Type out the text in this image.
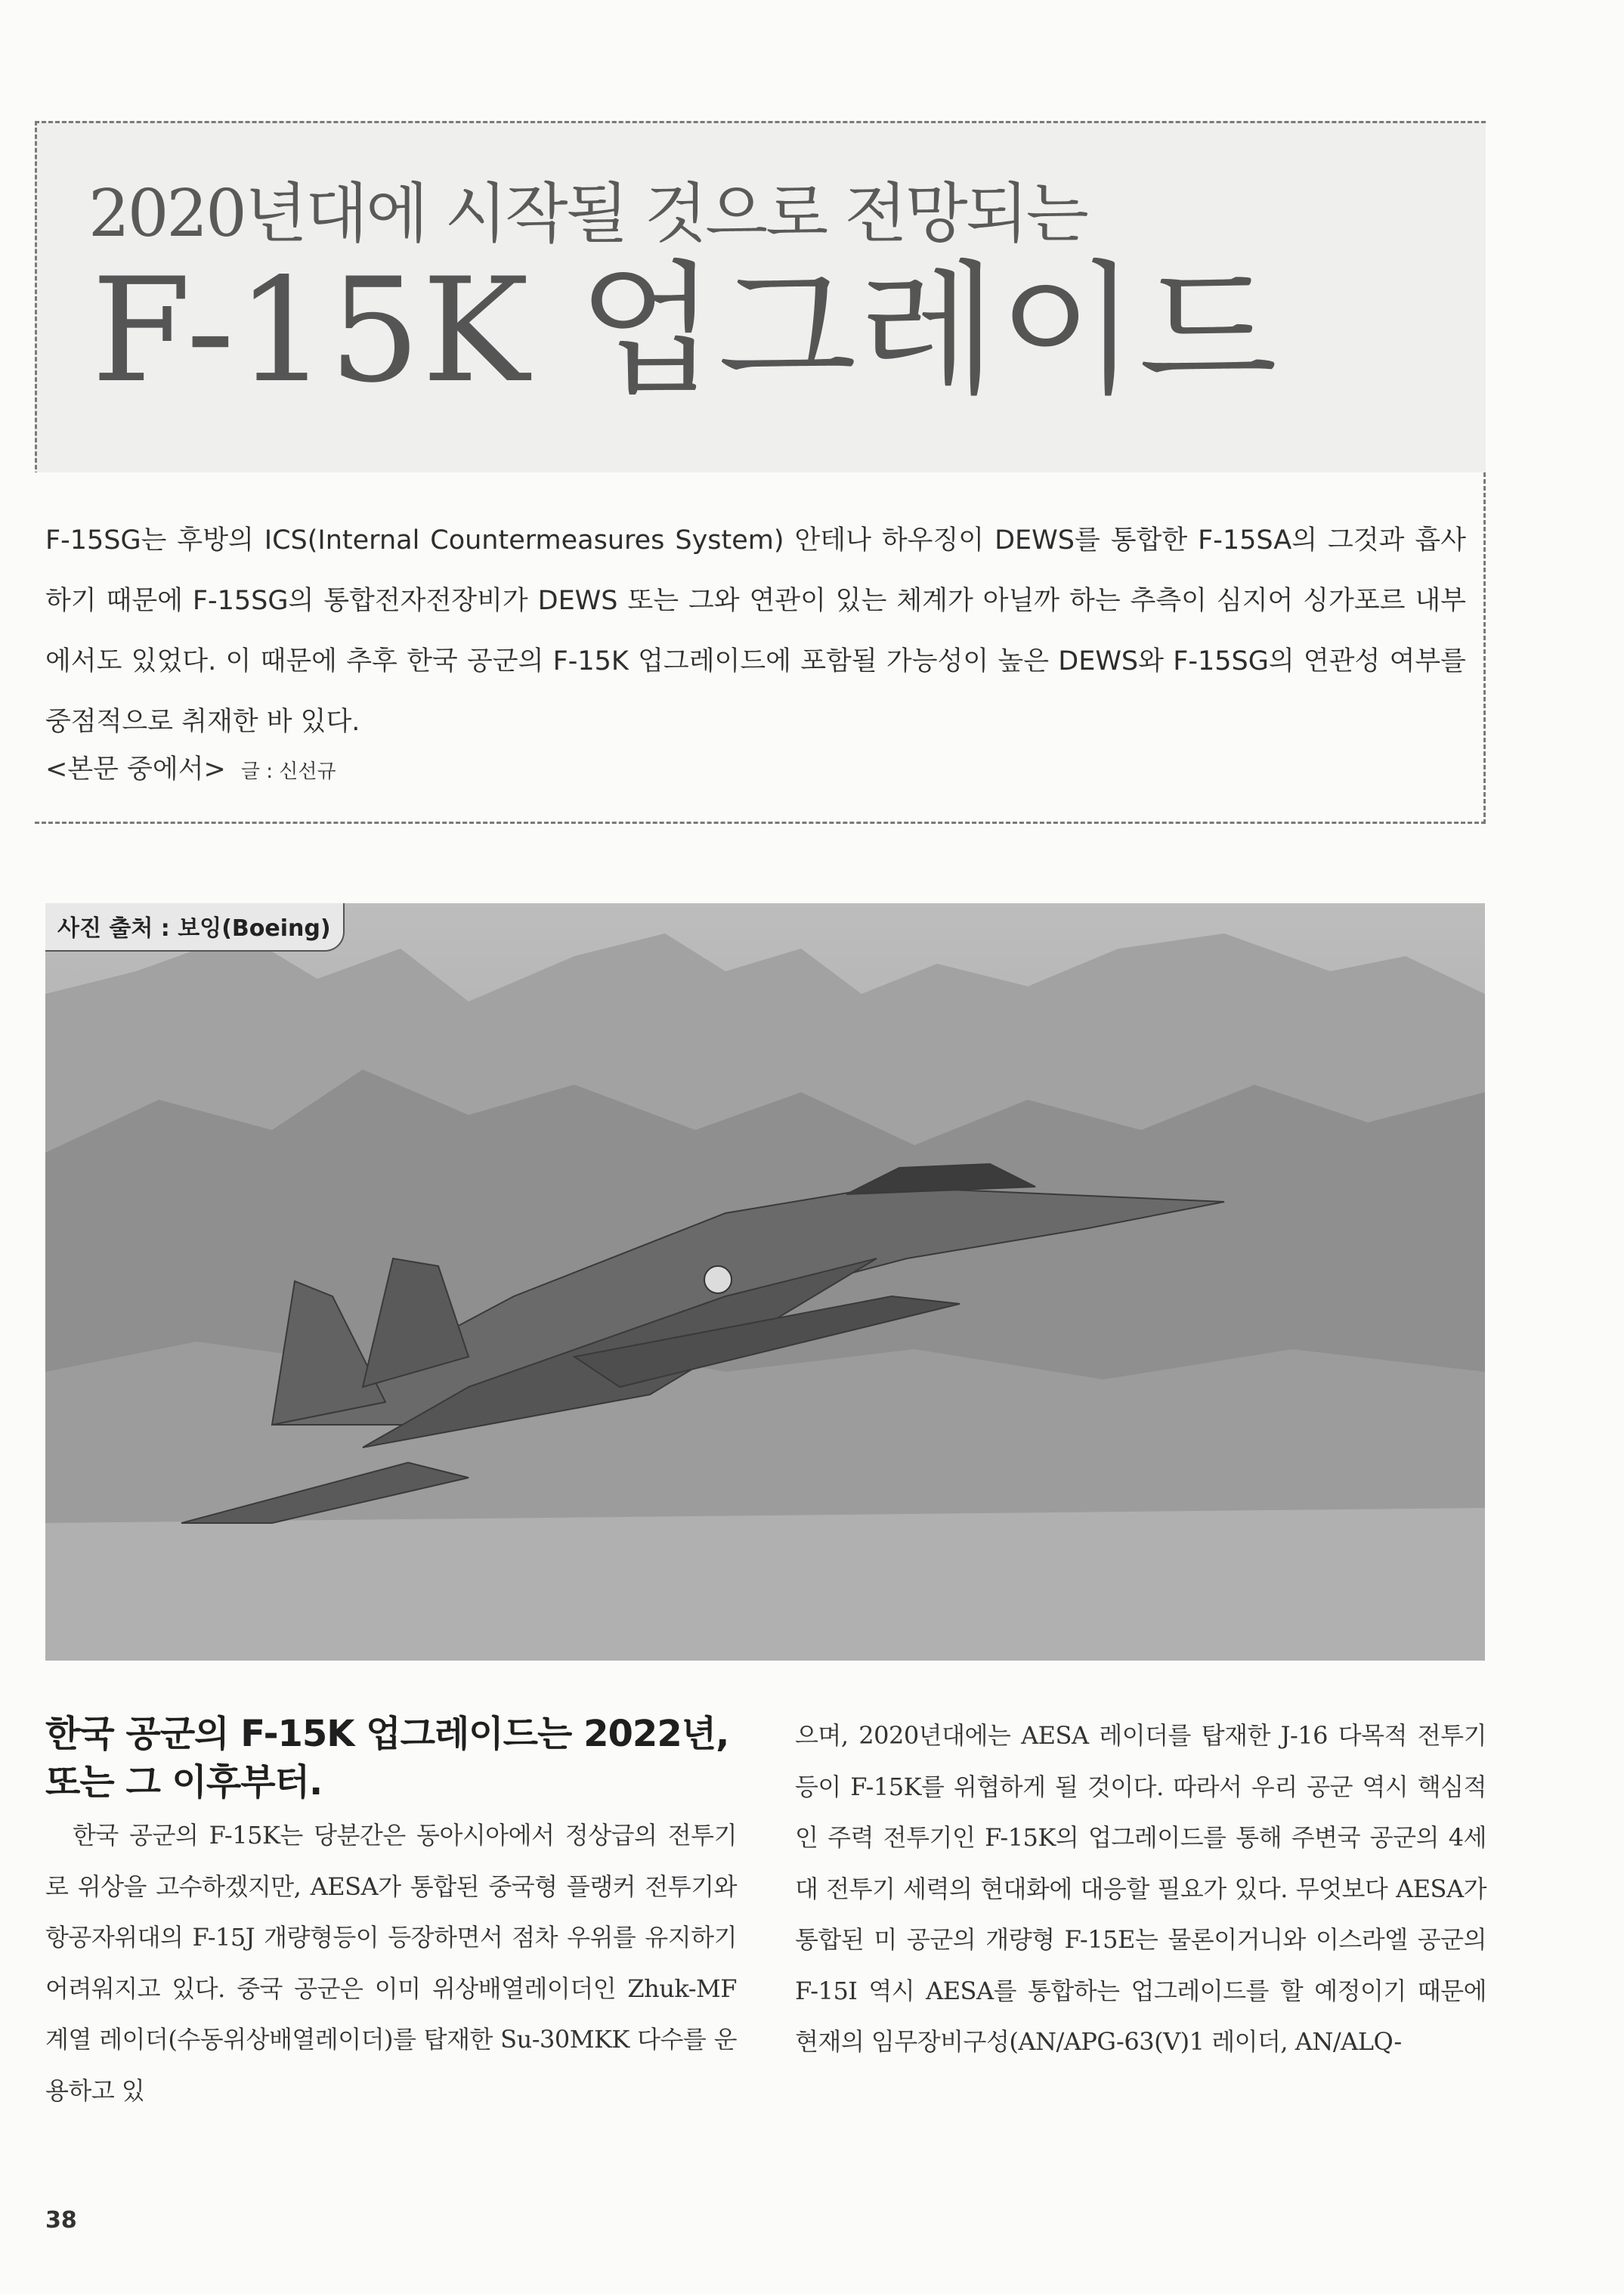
2020년대에 시작될 것으로 전망되는
F-15K 업그레이드
F-15SG는 후방의 ICS(Internal Countermeasures System) 안테나 하우징이 DEWS를 통합한 F-15SA의 그것과 흡사하기 때문에 F-15SG의 통합전자전장비가 DEWS 또는 그와 연관이 있는 체계가 아닐까 하는 추측이 심지어 싱가포르 내부에서도 있었다. 이 때문에 추후 한국 공군의 F-15K 업그레이드에 포함될 가능성이 높은 DEWS와 F-15SG의 연관성 여부를 중점적으로 취재한 바 있다.
<본문 중에서> 글 : 신선규
사진 출처 : 보잉(Boeing)
한국 공군의 F-15K 업그레이드는 2022년, 또는 그 이후부터.
한국 공군의 F-15K는 당분간은 동아시아에서 정상급의 전투기로 위상을 고수하겠지만, AESA가 통합된 중국형 플랭커 전투기와 항공자위대의 F-15J 개량형등이 등장하면서 점차 우위를 유지하기 어려워지고 있다. 중국 공군은 이미 위상배열레이더인 Zhuk-MF 계열 레이더(수동위상배열레이더)를 탑재한 Su-30MKK 다수를 운용하고 있
으며, 2020년대에는 AESA 레이더를 탑재한 J-16 다목적 전투기등이 F-15K를 위협하게 될 것이다. 따라서 우리 공군 역시 핵심적인 주력 전투기인 F-15K의 업그레이드를 통해 주변국 공군의 4세대 전투기 세력의 현대화에 대응할 필요가 있다. 무엇보다 AESA가 통합된 미 공군의 개량형 F-15E는 물론이거니와 이스라엘 공군의 F-15I 역시 AESA를 통합하는 업그레이드를 할 예정이기 때문에 현재의 임무장비구성(AN/APG-63(V)1 레이더, AN/ALQ-
38
